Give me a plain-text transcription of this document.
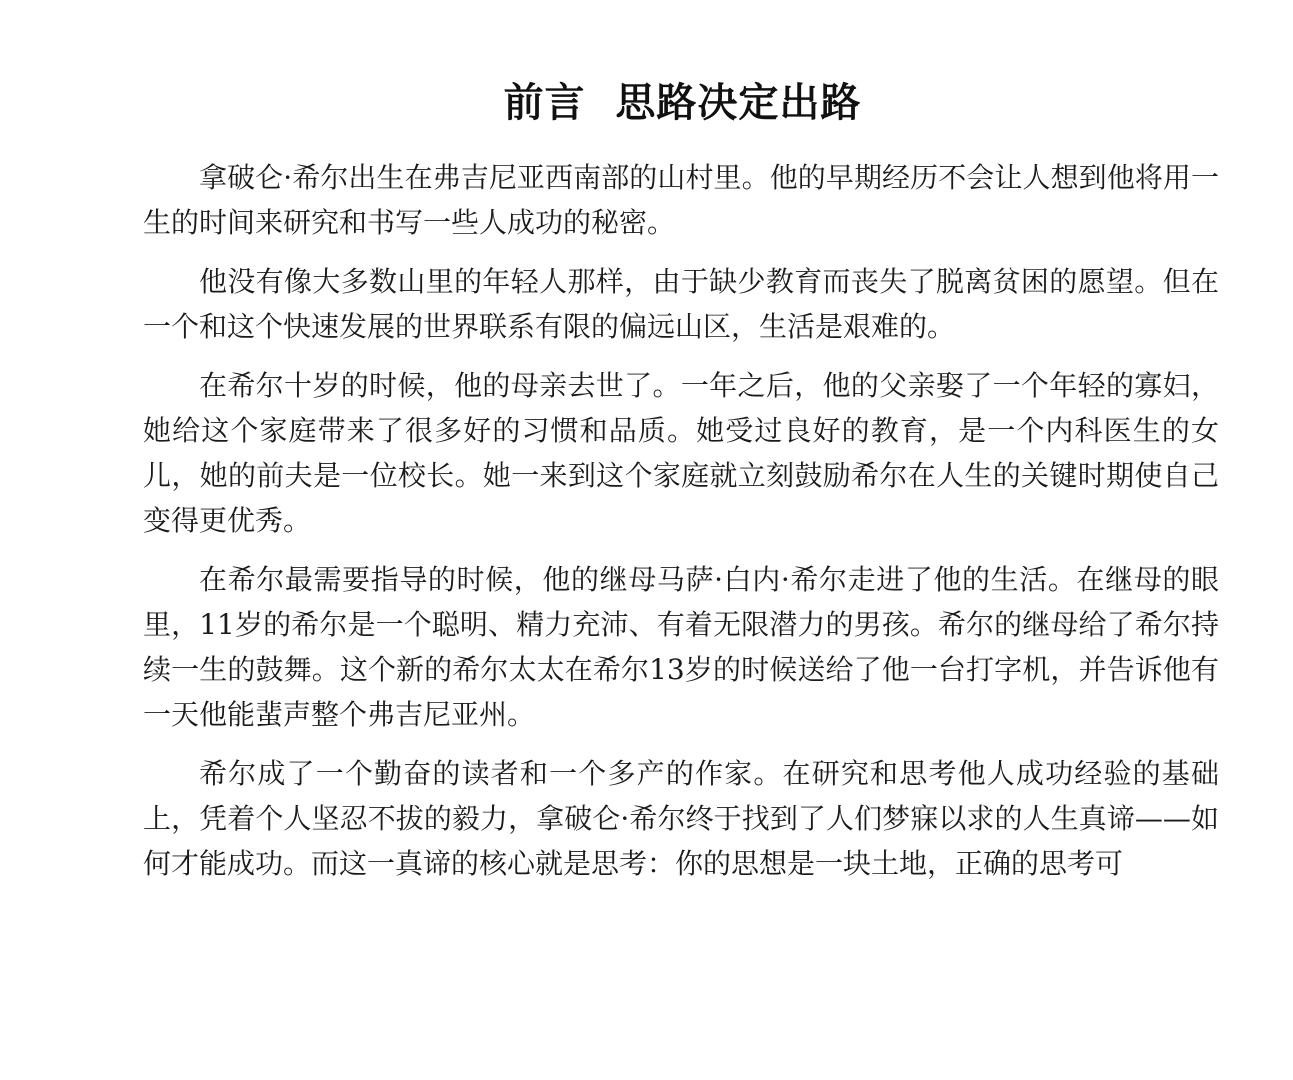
前言  思路决定出路

拿破仑·希尔出生在弗吉尼亚西南部的山村里。他的早期经历不会让人想到他将用一生的时间来研究和书写一些人成功的秘密。

他没有像大多数山里的年轻人那样，由于缺少教育而丧失了脱离贫困的愿望。但在一个和这个快速发展的世界联系有限的偏远山区，生活是艰难的。

在希尔十岁的时候，他的母亲去世了。一年之后，他的父亲娶了一个年轻的寡妇，她给这个家庭带来了很多好的习惯和品质。她受过良好的教育，是一个内科医生的女儿，她的前夫是一位校长。她一来到这个家庭就立刻鼓励希尔在人生的关键时期使自己变得更优秀。

在希尔最需要指导的时候，他的继母马萨·白内·希尔走进了他的生活。在继母的眼里，11岁的希尔是一个聪明、精力充沛、有着无限潜力的男孩。希尔的继母给了希尔持续一生的鼓舞。这个新的希尔太太在希尔13岁的时候送给了他一台打字机，并告诉他有一天他能蜚声整个弗吉尼亚州。

希尔成了一个勤奋的读者和一个多产的作家。在研究和思考他人成功经验的基础上，凭着个人坚忍不拔的毅力，拿破仑·希尔终于找到了人们梦寐以求的人生真谛——如何才能成功。而这一真谛的核心就是思考：你的思想是一块土地，正确的思考可
